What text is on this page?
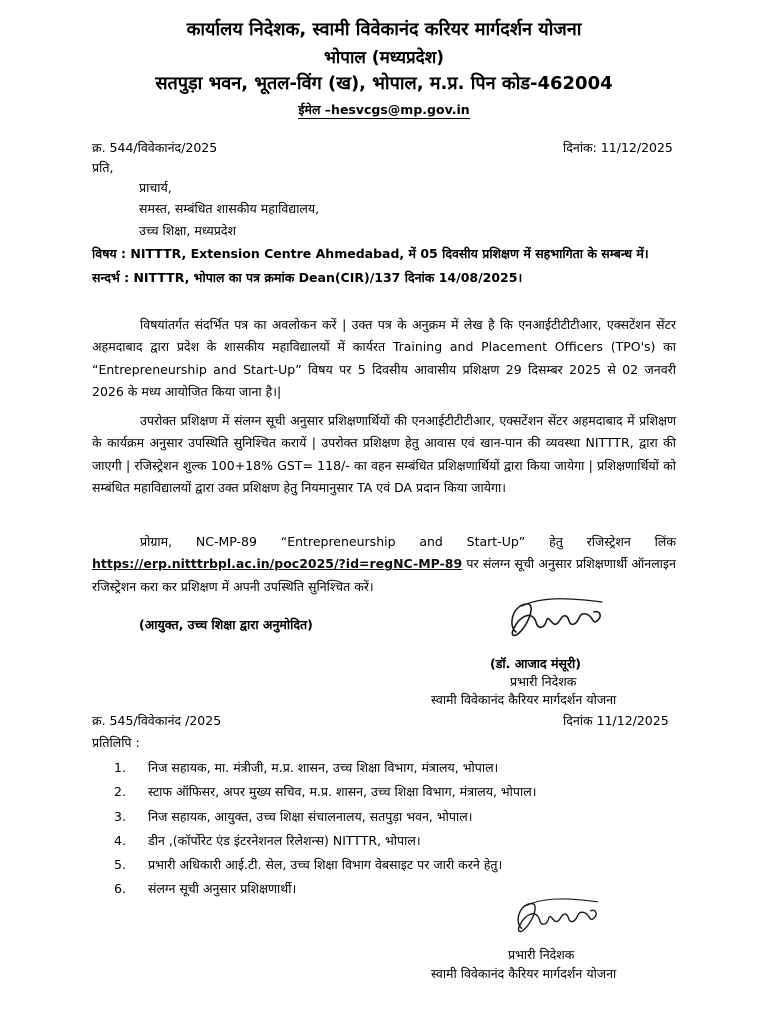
कार्यालय निदेशक, स्वामी विवेकानंद करियर मार्गदर्शन योजना
भोपाल (मध्यप्रदेश)
सतपुड़ा भवन, भूतल-विंग (ख), भोपाल, म.प्र. पिन कोड-462004
ईमेल –hesvcgs@mp.gov.in
क्र. 544/विवेकानंद/2025	दिनांक: 11/12/2025
प्रति,
प्राचार्य,
समस्त, सम्बंधित शासकीय महाविद्यालय,
उच्च शिक्षा, मध्यप्रदेश
विषय : NITTTR, Extension Centre Ahmedabad, में 05 दिवसीय प्रशिक्षण में सहभागिता के सम्बन्ध में।
सन्दर्भ : NITTTR, भोपाल का पत्र क्रमांक Dean(CIR)/137 दिनांक 14/08/2025।
विषयांतर्गत संदर्भित पत्र का अवलोकन करें | उक्त पत्र के अनुक्रम में लेख है कि एनआईटीटीटीआर, एक्सटेंशन सेंटर अहमदाबाद द्वारा प्रदेश के शासकीय महाविद्यालयों में कार्यरत Training and Placement Officers (TPO's) का “Entrepreneurship and Start-Up” विषय पर 5 दिवसीय आवासीय प्रशिक्षण 29 दिसम्बर 2025 से 02 जनवरी 2026 के मध्य आयोजित किया जाना है।|
उपरोक्त प्रशिक्षण में संलग्न सूची अनुसार प्रशिक्षणार्थियों की एनआईटीटीटीआर, एक्सटेंशन सेंटर अहमदाबाद में प्रशिक्षण के कार्यक्रम अनुसार उपस्थिति सुनिश्चित करायें | उपरोक्त प्रशिक्षण हेतु आवास एवं खान-पान की व्यवस्था NITTTR, द्वारा की जाएगी | रजिस्ट्रेशन शुल्क 100+18% GST= 118/- का वहन सम्बंधित प्रशिक्षणार्थियों द्वारा किया जायेगा | प्रशिक्षणार्थियों को सम्बंधित महाविद्यालयों द्वारा उक्त प्रशिक्षण हेतु नियमानुसार TA एवं DA प्रदान किया जायेगा।
प्रोग्राम, NC-MP-89 “Entrepreneurship and Start-Up” हेतु रजिस्ट्रेशन लिंक https://erp.nitttrbpl.ac.in/poc2025/?id=regNC-MP-89 पर संलग्न सूची अनुसार प्रशिक्षणार्थी ऑनलाइन रजिस्ट्रेशन करा कर प्रशिक्षण में अपनी उपस्थिति सुनिश्चित करें।
(आयुक्त, उच्च शिक्षा द्वारा अनुमोदित)
(डॉ. आजाद मंसूरी)
प्रभारी निदेशक
स्वामी विवेकानंद कैरियर मार्गदर्शन योजना
क्र. 545/विवेकानंद /2025	दिनांक 11/12/2025
प्रतिलिपि :
1. निज सहायक, मा. मंत्रीजी, म.प्र. शासन, उच्च शिक्षा विभाग, मंत्रालय, भोपाल।
2. स्टाफ ऑफिसर, अपर मुख्य सचिव, म.प्र. शासन, उच्च शिक्षा विभाग, मंत्रालय, भोपाल।
3. निज सहायक, आयुक्त, उच्च शिक्षा संचालनालय, सतपुड़ा भवन, भोपाल।
4. डीन ,(कॉर्पोरेट एंड इंटरनेशनल रिलेशन्स) NITTTR, भोपाल।
5. प्रभारी अधिकारी आई.टी. सेल, उच्च शिक्षा विभाग वेबसाइट पर जारी करने हेतु।
6. संलग्न सूची अनुसार प्रशिक्षणार्थी।
प्रभारी निदेशक
स्वामी विवेकानंद कैरियर मार्गदर्शन योजना
